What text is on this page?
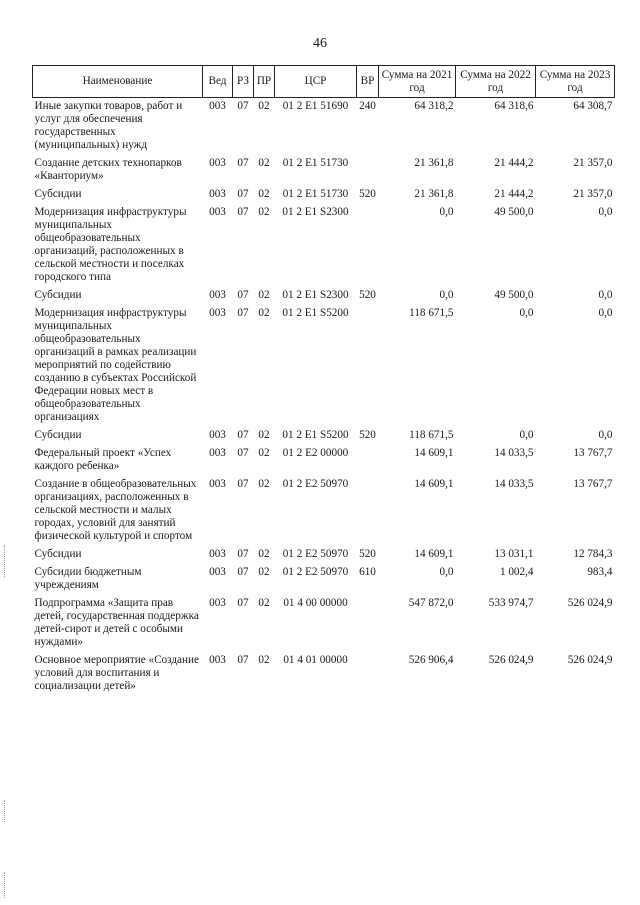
46
Наименование	Вед	РЗ	ПР	ЦСР	ВР	Сумма на 2021 год	Сумма на 2022 год	Сумма на 2023 год
Иные закупки товаров, работ и услуг для обеспечения государственных (муниципальных) нужд	003	07	02	01 2 E1 51690	240	64 318,2	64 318,6	64 308,7
Создание детских технопарков «Кванториум»	003	07	02	01 2 E1 51730		21 361,8	21 444,2	21 357,0
Субсидии	003	07	02	01 2 E1 51730	520	21 361,8	21 444,2	21 357,0
Модернизация инфраструктуры муниципальных общеобразовательных организаций, расположенных в сельской местности и поселках городского типа	003	07	02	01 2 E1 S2300		0,0	49 500,0	0,0
Субсидии	003	07	02	01 2 E1 S2300	520	0,0	49 500,0	0,0
Модернизация инфраструктуры муниципальных общеобразовательных организаций в рамках реализации мероприятий по содействию созданию в субъектах Российской Федерации новых мест в общеобразовательных организациях	003	07	02	01 2 E1 S5200		118 671,5	0,0	0,0
Субсидии	003	07	02	01 2 E1 S5200	520	118 671,5	0,0	0,0
Федеральный проект «Успех каждого ребенка»	003	07	02	01 2 E2 00000		14 609,1	14 033,5	13 767,7
Создание в общеобразовательных организациях, расположенных в сельской местности и малых городах, условий для занятий физической культурой и спортом	003	07	02	01 2 E2 50970		14 609,1	14 033,5	13 767,7
Субсидии	003	07	02	01 2 E2 50970	520	14 609,1	13 031,1	12 784,3
Субсидии бюджетным учреждениям	003	07	02	01 2 E2 50970	610	0,0	1 002,4	983,4
Подпрограмма «Защита прав детей, государственная поддержка детей-сирот и детей с особыми нуждами»	003	07	02	01 4 00 00000		547 872,0	533 974,7	526 024,9
Основное мероприятие «Создание условий для воспитания и социализации детей»	003	07	02	01 4 01 00000		526 906,4	526 024,9	526 024,9
